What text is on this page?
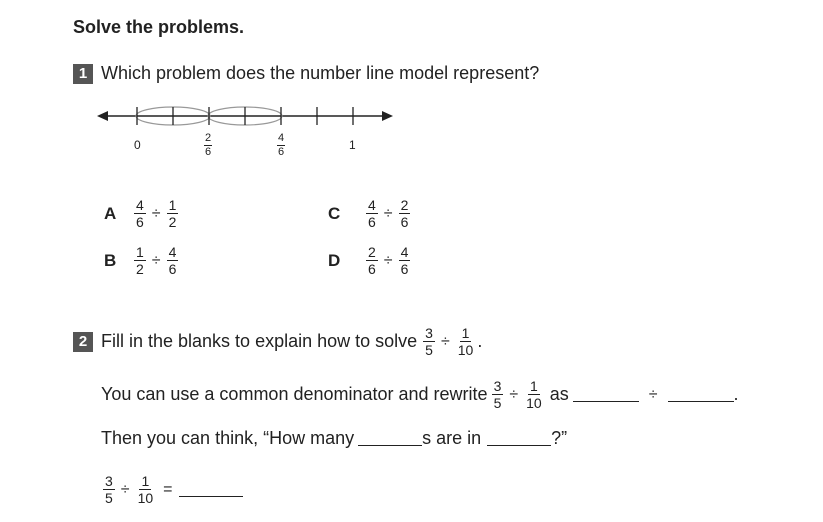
Solve the problems.
1 Which problem does the number line model represent?
0	$\frac{2}{6}$	$\frac{4}{6}$	1
A	$\frac{4}{6} \div \frac{1}{2}$
B	$\frac{1}{2} \div \frac{4}{6}$
C	$\frac{4}{6} \div \frac{2}{6}$
D	$\frac{2}{6} \div \frac{4}{6}$
2 Fill in the blanks to explain how to solve $\frac{3}{5} \div \frac{1}{10}$ .
You can use a common denominator and rewrite $\frac{3}{5} \div \frac{1}{10}$ as	÷	.
Then you can think, “How many	s are in	?”
$\frac{3}{5} \div \frac{1}{10}$ =
